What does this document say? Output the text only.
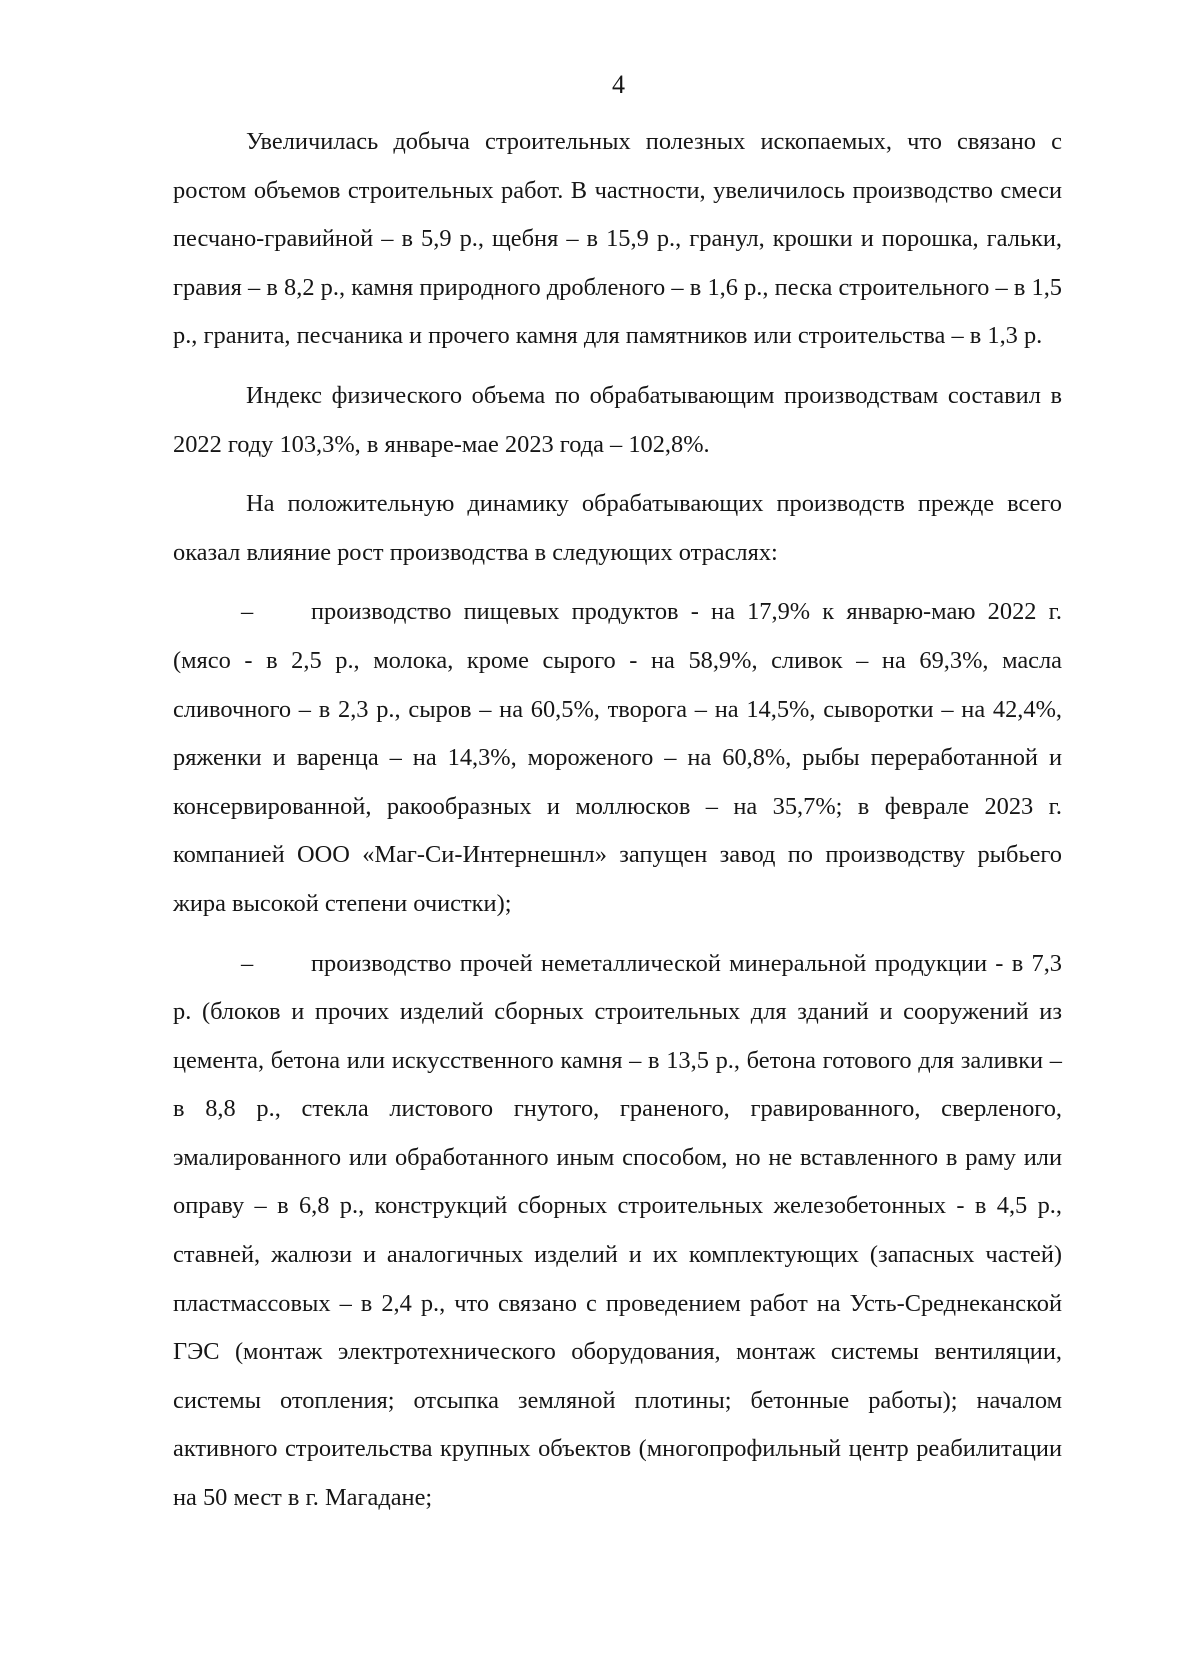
4

Увеличилась добыча строительных полезных ископаемых, что связано с ростом объемов строительных работ. В частности, увеличилось производство смеси песчано-гравийной – в 5,9 р., щебня – в 15,9 р., гранул, крошки и порошка, гальки, гравия – в 8,2 р., камня природного дробленого – в 1,6 р., песка строительного – в 1,5 р., гранита, песчаника и прочего камня для памятников или строительства – в 1,3 р.

Индекс физического объема по обрабатывающим производствам составил в 2022 году 103,3%, в январе-мае 2023 года – 102,8%.

На положительную динамику обрабатывающих производств прежде всего оказал влияние рост производства в следующих отраслях:

– производство пищевых продуктов - на 17,9% к январю-маю 2022 г. (мясо - в 2,5 р., молока, кроме сырого - на 58,9%, сливок – на 69,3%, масла сливочного – в 2,3 р., сыров – на 60,5%, творога – на 14,5%, сыворотки – на 42,4%, ряженки и варенца – на 14,3%, мороженого – на 60,8%, рыбы переработанной и консервированной, ракообразных и моллюсков – на 35,7%; в феврале 2023 г. компанией ООО «Маг-Си-Интернешнл» запущен завод по производству рыбьего жира высокой степени очистки);

– производство прочей неметаллической минеральной продукции - в 7,3 р. (блоков и прочих изделий сборных строительных для зданий и сооружений из цемента, бетона или искусственного камня – в 13,5 р., бетона готового для заливки – в 8,8 р., стекла листового гнутого, граненого, гравированного, сверленого, эмалированного или обработанного иным способом, но не вставленного в раму или оправу – в 6,8 р., конструкций сборных строительных железобетонных - в 4,5 р., ставней, жалюзи и аналогичных изделий и их комплектующих (запасных частей) пластмассовых – в 2,4 р., что связано с проведением работ на Усть-Среднеканской ГЭС (монтаж электротехнического оборудования, монтаж системы вентиляции, системы отопления; отсыпка земляной плотины; бетонные работы); началом активного строительства крупных объектов (многопрофильный центр реабилитации на 50 мест в г. Магадане;
